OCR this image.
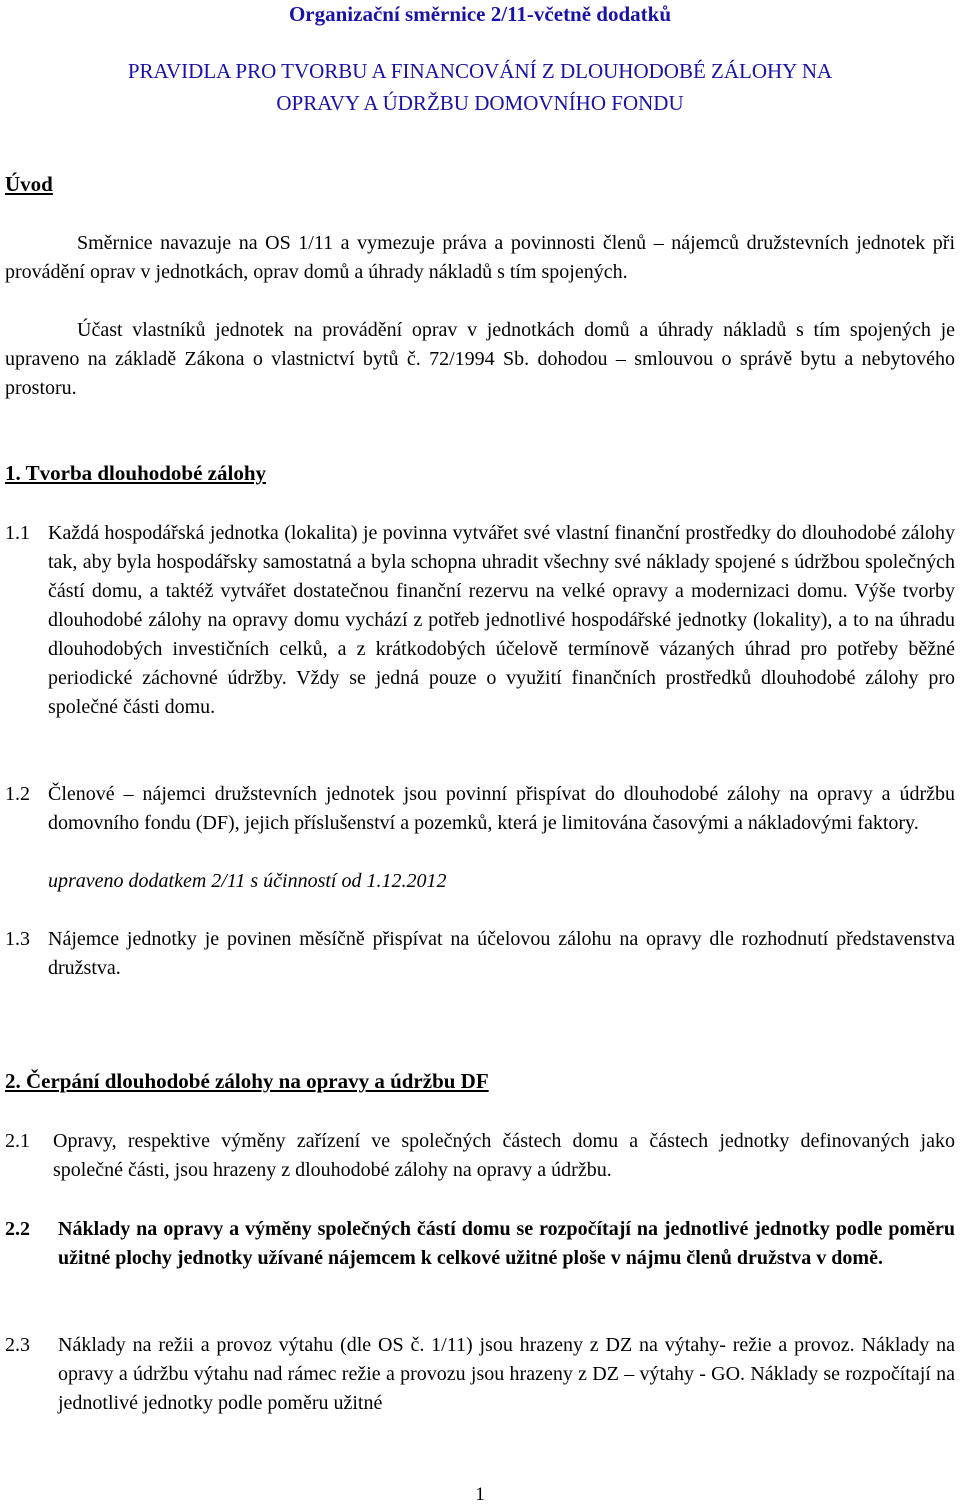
Organizační směrnice 2/11-včetně dodatků
PRAVIDLA PRO TVORBU A FINANCOVÁNÍ Z DLOUHODOBÉ ZÁLOHY NA
OPRAVY A ÚDRŽBU DOMOVNÍHO FONDU
Úvod
Směrnice navazuje na OS 1/11 a vymezuje práva a povinnosti členů – nájemců družstevních jednotek při provádění oprav v jednotkách, oprav domů a úhrady nákladů s tím spojených.
Účast vlastníků jednotek na provádění oprav v jednotkách domů a úhrady nákladů s tím spojených je upraveno na základě Zákona o vlastnictví bytů č. 72/1994 Sb. dohodou – smlouvou o správě bytu a nebytového prostoru.
1. Tvorba dlouhodobé zálohy
1.1 Každá hospodářská jednotka (lokalita) je povinna vytvářet své vlastní finanční prostředky do dlouhodobé zálohy tak, aby byla hospodářsky samostatná a byla schopna uhradit všechny své náklady spojené s údržbou společných částí domu, a taktéž vytvářet dostatečnou finanční rezervu na velké opravy a modernizaci domu. Výše tvorby dlouhodobé zálohy na opravy domu vychází z potřeb jednotlivé hospodářské jednotky (lokality), a to na úhradu dlouhodobých investičních celků, a z krátkodobých účelově termínově vázaných úhrad pro potřeby běžné periodické záchovné údržby. Vždy se jedná pouze o využití finančních prostředků dlouhodobé zálohy pro společné části domu.
1.2 Členové – nájemci družstevních jednotek jsou povinní přispívat do dlouhodobé zálohy na opravy a údržbu domovního fondu (DF), jejich příslušenství a pozemků, která je limitována časovými a nákladovými faktory.
upraveno dodatkem 2/11 s účinností od 1.12.2012
1.3 Nájemce jednotky je povinen měsíčně přispívat na účelovou zálohu na opravy dle rozhodnutí představenstva družstva.
2. Čerpání dlouhodobé zálohy na opravy a údržbu DF
2.1 Opravy, respektive výměny zařízení ve společných částech domu a částech jednotky definovaných jako společné části, jsou hrazeny z dlouhodobé zálohy na opravy a údržbu.
2.2 Náklady na opravy a výměny společných částí domu se rozpočítají na jednotlivé jednotky podle poměru užitné plochy jednotky užívané nájemcem k celkové užitné ploše v nájmu členů družstva v domě.
2.3 Náklady na režii a provoz výtahu (dle OS č. 1/11) jsou hrazeny z DZ na výtahy- režie a provoz. Náklady na opravy a údržbu výtahu nad rámec režie a provozu jsou hrazeny z DZ – výtahy - GO. Náklady se rozpočítají na jednotlivé jednotky podle poměru užitné
1
